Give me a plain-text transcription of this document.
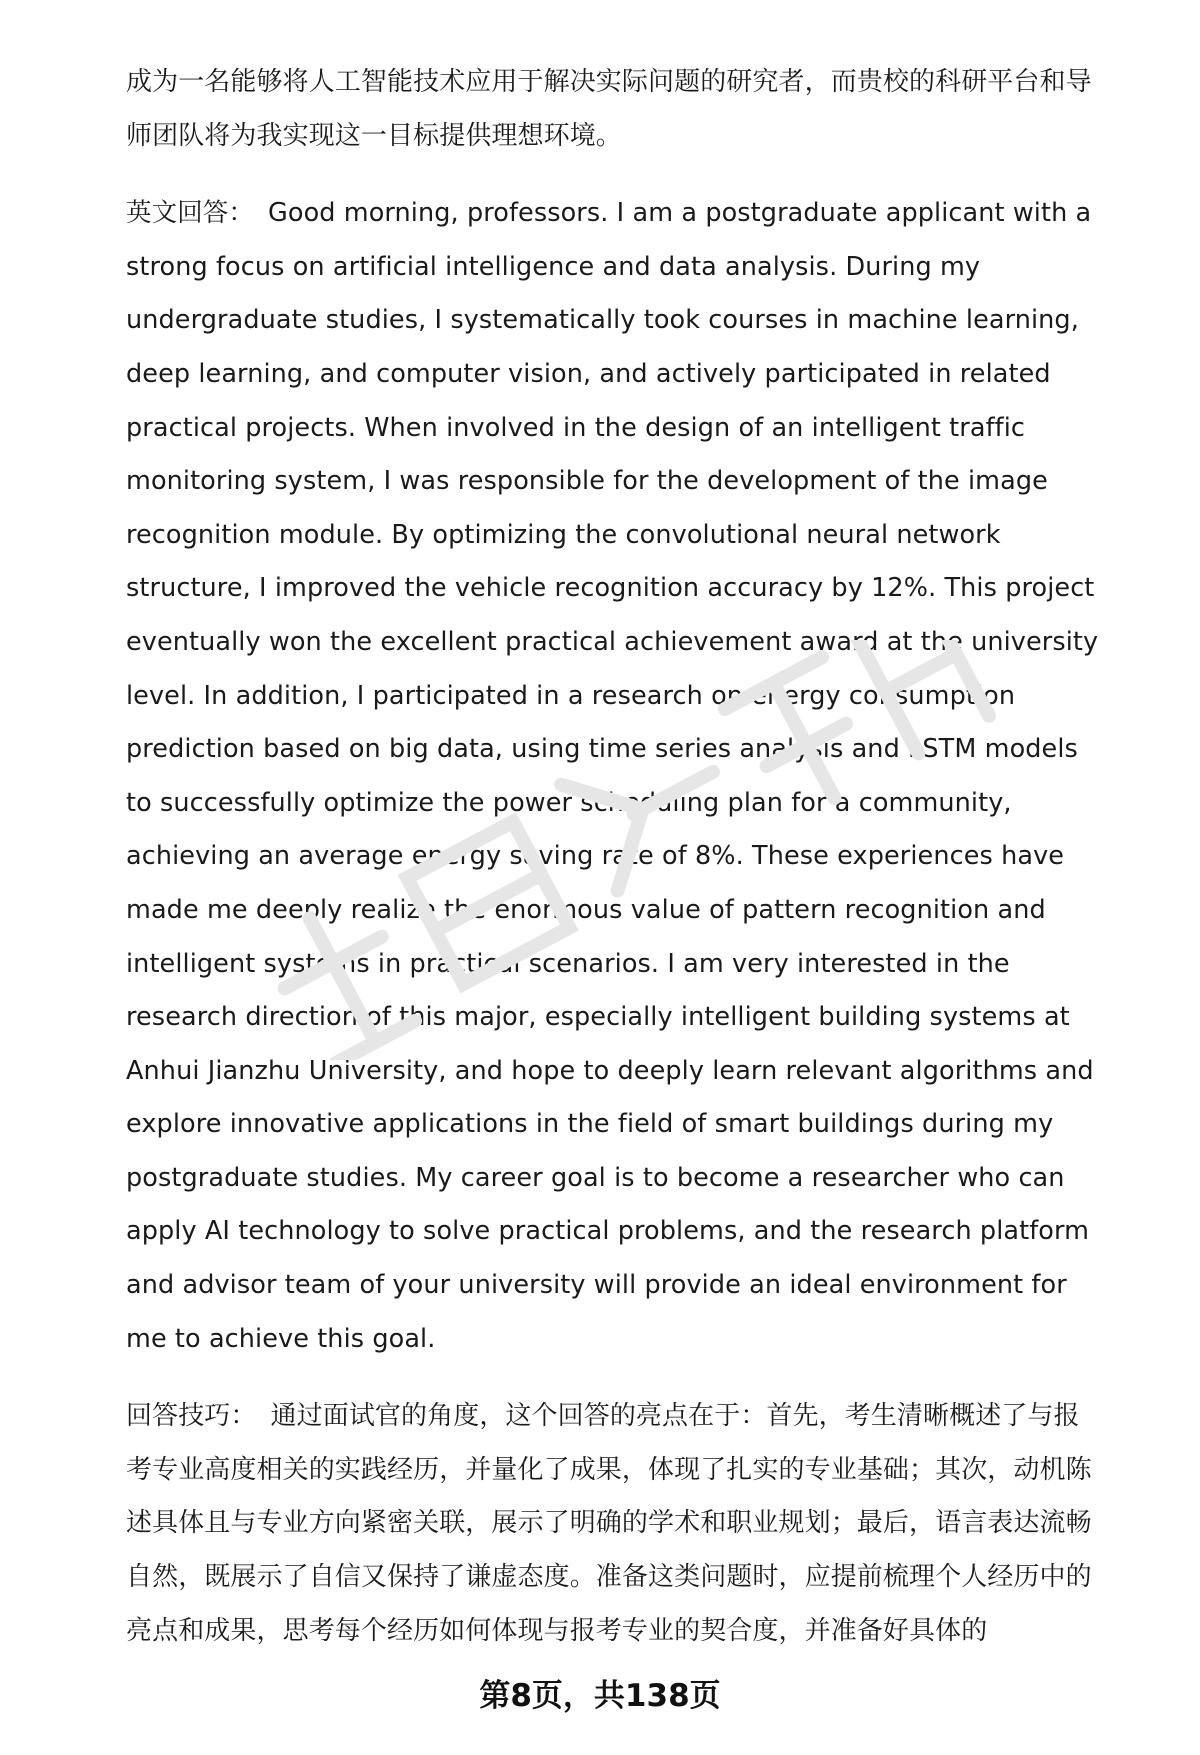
成为一名能够将人工智能技术应用于解决实际问题的研究者，而贵校的科研平台和导师团队将为我实现这一目标提供理想环境。

英文回答： Good morning, professors. I am a postgraduate applicant with a strong focus on artificial intelligence and data analysis. During my undergraduate studies, I systematically took courses in machine learning, deep learning, and computer vision, and actively participated in related practical projects. When involved in the design of an intelligent traffic monitoring system, I was responsible for the development of the image recognition module. By optimizing the convolutional neural network structure, I improved the vehicle recognition accuracy by 12%. This project eventually won the excellent practical achievement award at the university level. In addition, I participated in a research on energy consumption prediction based on big data, using time series analysis and LSTM models to successfully optimize the power scheduling plan for a community, achieving an average energy saving rate of 8%. These experiences have made me deeply realize the enormous value of pattern recognition and intelligent systems in practical scenarios. I am very interested in the research direction of this major, especially intelligent building systems at Anhui Jianzhu University, and hope to deeply learn relevant algorithms and explore innovative applications in the field of smart buildings during my postgraduate studies. My career goal is to become a researcher who can apply AI technology to solve practical problems, and the research platform and advisor team of your university will provide an ideal environment for me to achieve this goal.

回答技巧： 通过面试官的角度，这个回答的亮点在于：首先，考生清晰概述了与报考专业高度相关的实践经历，并量化了成果，体现了扎实的专业基础；其次，动机陈述具体且与专业方向紧密关联，展示了明确的学术和职业规划；最后，语言表达流畅自然，既展示了自信又保持了谦虚态度。准备这类问题时，应提前梳理个人经历中的亮点和成果，思考每个经历如何体现与报考专业的契合度，并准备好具体的

第8页，共138页
